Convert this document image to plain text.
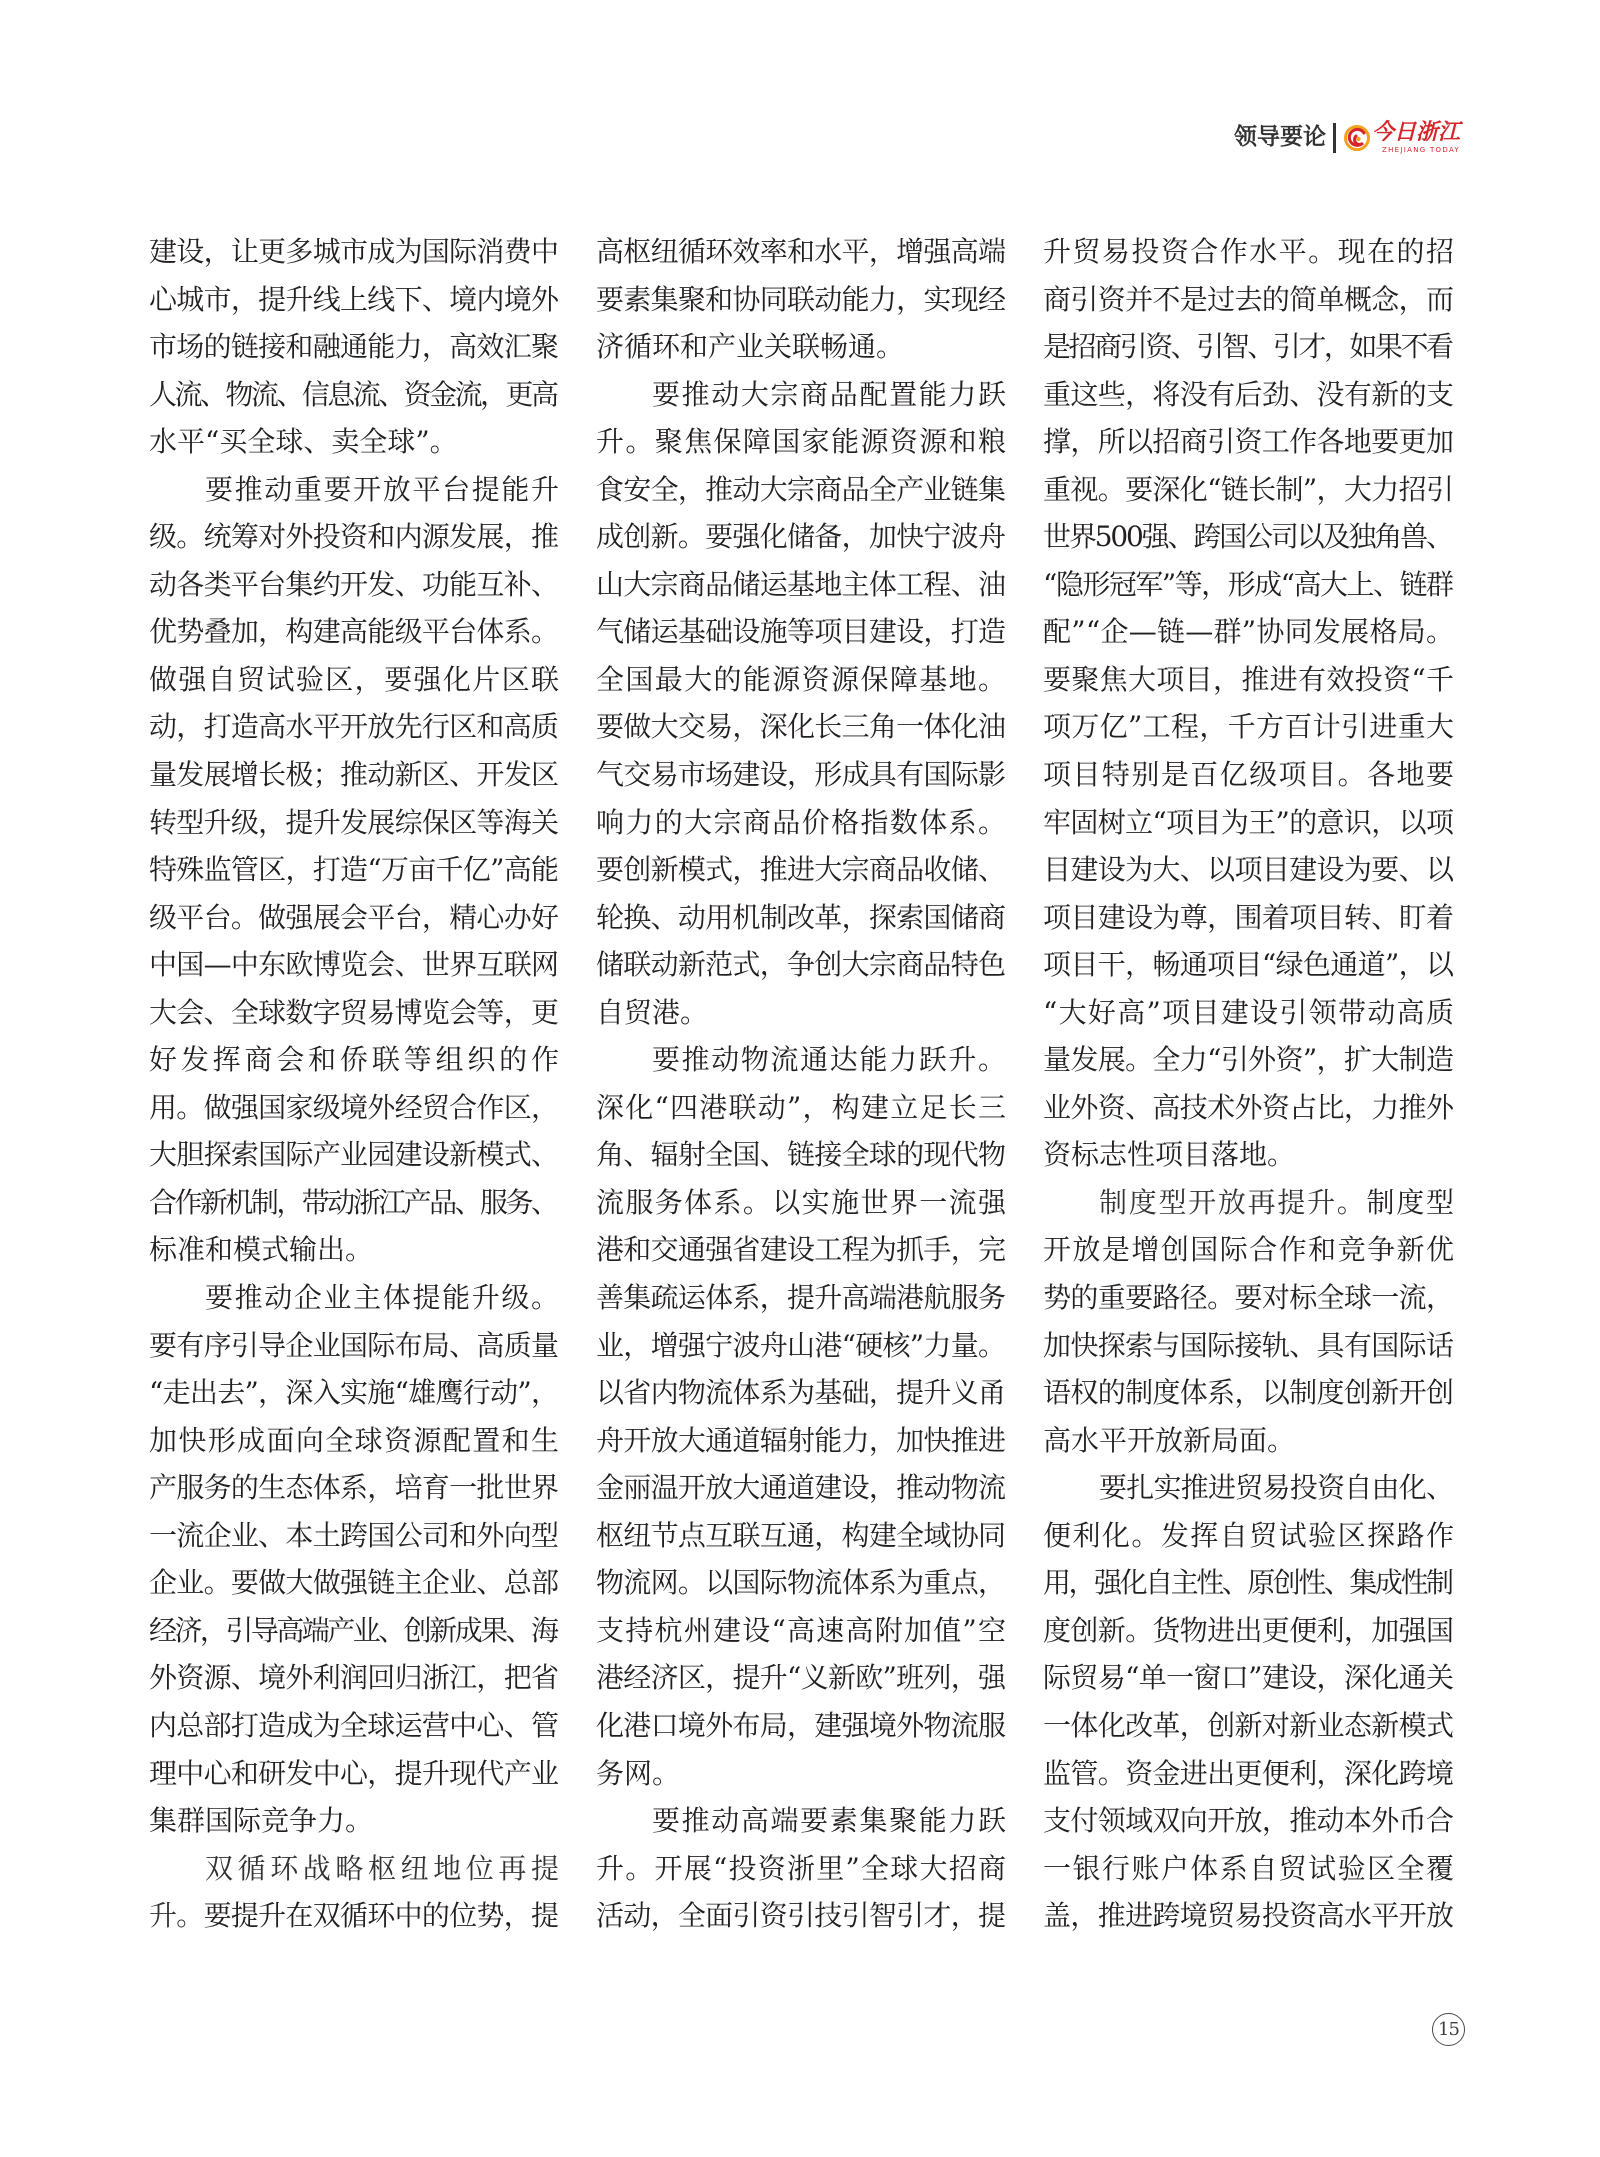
领导要论 今日浙江
ZHEJIANG TODAY
建设，让更多城市成为国际消费中
心城市，提升线上线下、境内境外
市场的链接和融通能力，高效汇聚
人流、物流、信息流、资金流，更高
水平“买全球、卖全球”。
要推动重要开放平台提能升
级。统筹对外投资和内源发展，推
动各类平台集约开发、功能互补、
优势叠加，构建高能级平台体系。
做强自贸试验区，要强化片区联
动，打造高水平开放先行区和高质
量发展增长极；推动新区、开发区
转型升级，提升发展综保区等海关
特殊监管区，打造“万亩千亿”高能
级平台。做强展会平台，精心办好
中国—中东欧博览会、世界互联网
大会、全球数字贸易博览会等，更
好发挥商会和侨联等组织的作
用。做强国家级境外经贸合作区，
大胆探索国际产业园建设新模式、
合作新机制，带动浙江产品、服务、
标准和模式输出。
要推动企业主体提能升级。
要有序引导企业国际布局、高质量
“走出去”，深入实施“雄鹰行动”，
加快形成面向全球资源配置和生
产服务的生态体系，培育一批世界
一流企业、本土跨国公司和外向型
企业。要做大做强链主企业、总部
经济，引导高端产业、创新成果、海
外资源、境外利润回归浙江，把省
内总部打造成为全球运营中心、管
理中心和研发中心，提升现代产业
集群国际竞争力。
双循环战略枢纽地位再提
升。要提升在双循环中的位势，提
高枢纽循环效率和水平，增强高端
要素集聚和协同联动能力，实现经
济循环和产业关联畅通。
要推动大宗商品配置能力跃
升。聚焦保障国家能源资源和粮
食安全，推动大宗商品全产业链集
成创新。要强化储备，加快宁波舟
山大宗商品储运基地主体工程、油
气储运基础设施等项目建设，打造
全国最大的能源资源保障基地。
要做大交易，深化长三角一体化油
气交易市场建设，形成具有国际影
响力的大宗商品价格指数体系。
要创新模式，推进大宗商品收储、
轮换、动用机制改革，探索国储商
储联动新范式，争创大宗商品特色
自贸港。
要推动物流通达能力跃升。
深化“四港联动”，构建立足长三
角、辐射全国、链接全球的现代物
流服务体系。以实施世界一流强
港和交通强省建设工程为抓手，完
善集疏运体系，提升高端港航服务
业，增强宁波舟山港“硬核”力量。
以省内物流体系为基础，提升义甬
舟开放大通道辐射能力，加快推进
金丽温开放大通道建设，推动物流
枢纽节点互联互通，构建全域协同
物流网。以国际物流体系为重点，
支持杭州建设“高速高附加值”空
港经济区，提升“义新欧”班列，强
化港口境外布局，建强境外物流服
务网。
要推动高端要素集聚能力跃
升。开展“投资浙里”全球大招商
活动，全面引资引技引智引才，提
升贸易投资合作水平。现在的招
商引资并不是过去的简单概念，而
是招商引资、引智、引才，如果不看
重这些，将没有后劲、没有新的支
撑，所以招商引资工作各地要更加
重视。要深化“链长制”，大力招引
世界500强、跨国公司以及独角兽、
“隐形冠军”等，形成“高大上、链群
配”“企—链—群”协同发展格局。
要聚焦大项目，推进有效投资“千
项万亿”工程，千方百计引进重大
项目特别是百亿级项目。各地要
牢固树立“项目为王”的意识，以项
目建设为大、以项目建设为要、以
项目建设为尊，围着项目转、盯着
项目干，畅通项目“绿色通道”，以
“大好高”项目建设引领带动高质
量发展。全力“引外资”，扩大制造
业外资、高技术外资占比，力推外
资标志性项目落地。
制度型开放再提升。制度型
开放是增创国际合作和竞争新优
势的重要路径。要对标全球一流，
加快探索与国际接轨、具有国际话
语权的制度体系，以制度创新开创
高水平开放新局面。
要扎实推进贸易投资自由化、
便利化。发挥自贸试验区探路作
用，强化自主性、原创性、集成性制
度创新。货物进出更便利，加强国
际贸易“单一窗口”建设，深化通关
一体化改革，创新对新业态新模式
监管。资金进出更便利，深化跨境
支付领域双向开放，推动本外币合
一银行账户体系自贸试验区全覆
盖，推进跨境贸易投资高水平开放
15
